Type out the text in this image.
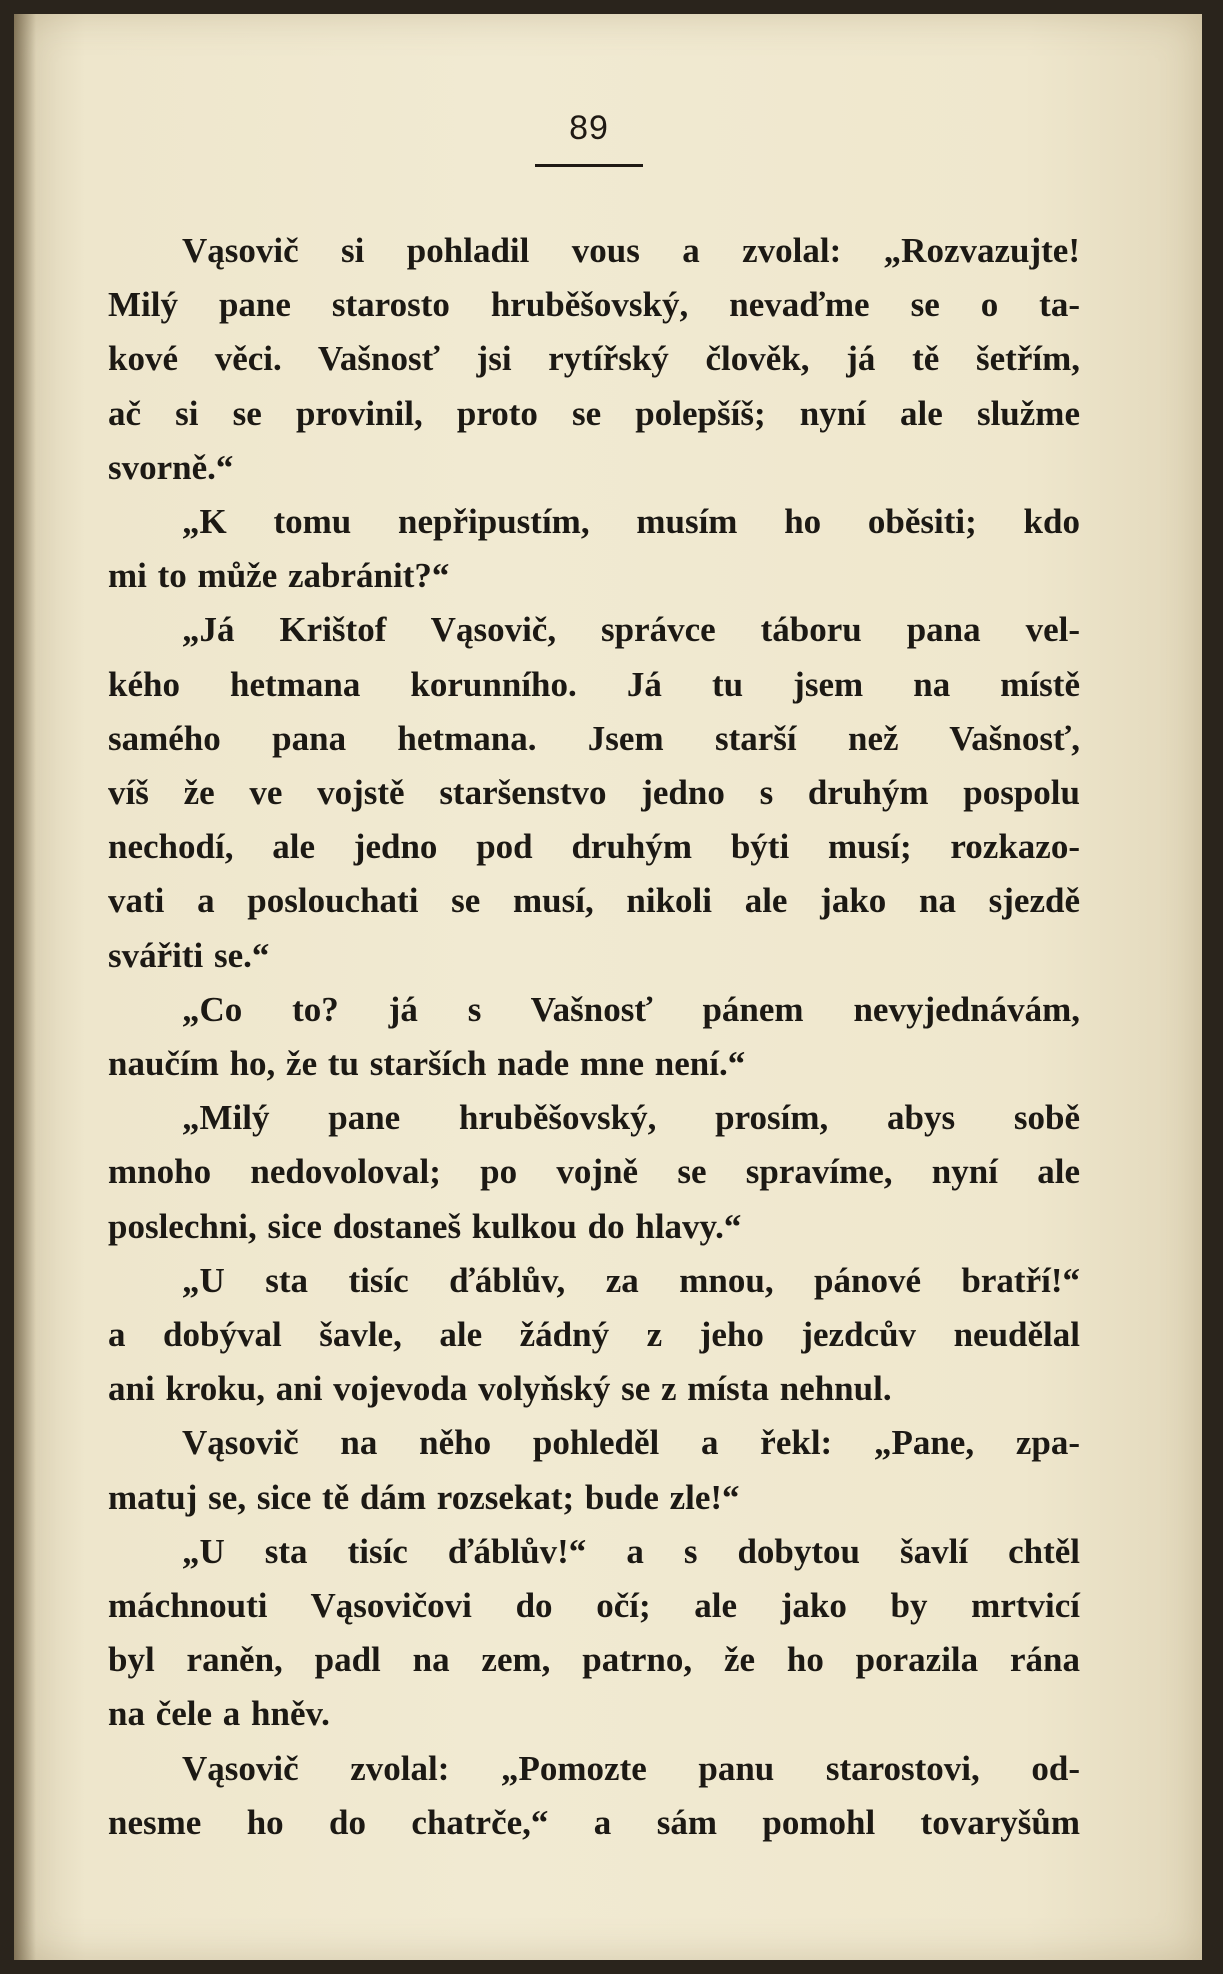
89

Vąsovič si pohladil vous a zvolal: „Rozvazujte!
Milý pane starosto hruběšovský, nevaďme se o ta-
kové věci. Vašnosť jsi rytířský člověk, já tě šetřím,
ač si se provinil, proto se polepšíš; nyní ale služme
svorně.“
„K tomu nepřipustím, musím ho oběsiti; kdo
mi to může zabránit?“
„Já Krištof Vąsovič, správce táboru pana vel-
kého hetmana korunního. Já tu jsem na místě
samého pana hetmana. Jsem starší než Vašnosť,
víš že ve vojstě staršenstvo jedno s druhým pospolu
nechodí, ale jedno pod druhým býti musí; rozkazo-
vati a poslouchati se musí, nikoli ale jako na sjezdě
svářiti se.“
„Co to? já s Vašnosť pánem nevyjednávám,
naučím ho, že tu starších nade mne není.“
„Milý pane hruběšovský, prosím, abys sobě
mnoho nedovoloval; po vojně se spravíme, nyní ale
poslechni, sice dostaneš kulkou do hlavy.“
„U sta tisíc ďáblův, za mnou, pánové bratří!“
a dobýval šavle, ale žádný z jeho jezdcův neudělal
ani kroku, ani vojevoda volyňský se z místa nehnul.
Vąsovič na něho pohleděl a řekl: „Pane, zpa-
matuj se, sice tě dám rozsekat; bude zle!“
„U sta tisíc ďáblův!“ a s dobytou šavlí chtěl
máchnouti Vąsovičovi do očí; ale jako by mrtvicí
byl raněn, padl na zem, patrno, že ho porazila rána
na čele a hněv.
Vąsovič zvolal: „Pomozte panu starostovi, od-
nesme ho do chatrče,“ a sám pomohl tovaryšům
